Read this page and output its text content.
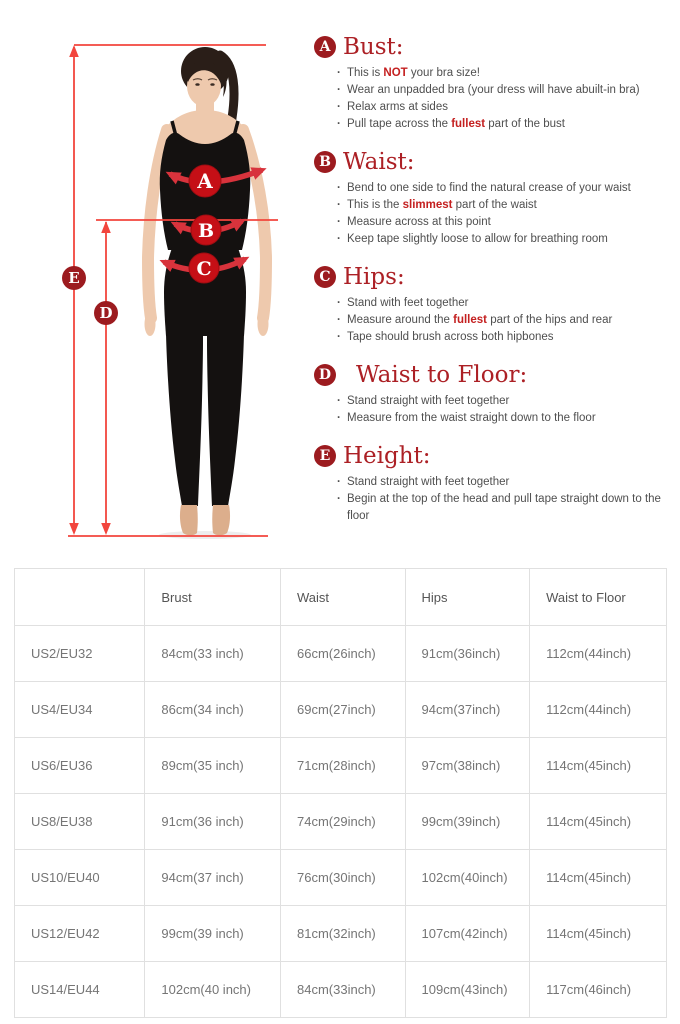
A
B
C
E
D
A Bust:
· This is NOT your bra size!
· Wear an unpadded bra (your dress will have abuilt-in bra)
· Relax arms at sides
· Pull tape across the fullest part of the bust
B Waist:
· Bend to one side to find the natural crease of your waist
· This is the slimmest part of the waist
· Measure across at this point
· Keep tape slightly loose to allow for breathing room
C Hips:
· Stand with feet together
· Measure around the fullest part of the hips and rear
· Tape should brush across both hipbones
D Waist to Floor:
· Stand straight with feet together
· Measure from the waist straight down to the floor
E Height:
· Stand straight with feet together
· Begin at the top of the head and pull tape straight down to the floor
	Brust	Waist	Hips	Waist to Floor
US2/EU32	84cm(33 inch)	66cm(26inch)	91cm(36inch)	112cm(44inch)
US4/EU34	86cm(34 inch)	69cm(27inch)	94cm(37inch)	112cm(44inch)
US6/EU36	89cm(35 inch)	71cm(28inch)	97cm(38inch)	114cm(45inch)
US8/EU38	91cm(36 inch)	74cm(29inch)	99cm(39inch)	114cm(45inch)
US10/EU40	94cm(37 inch)	76cm(30inch)	102cm(40inch)	114cm(45inch)
US12/EU42	99cm(39 inch)	81cm(32inch)	107cm(42inch)	114cm(45inch)
US14/EU44	102cm(40 inch)	84cm(33inch)	109cm(43inch)	117cm(46inch)
